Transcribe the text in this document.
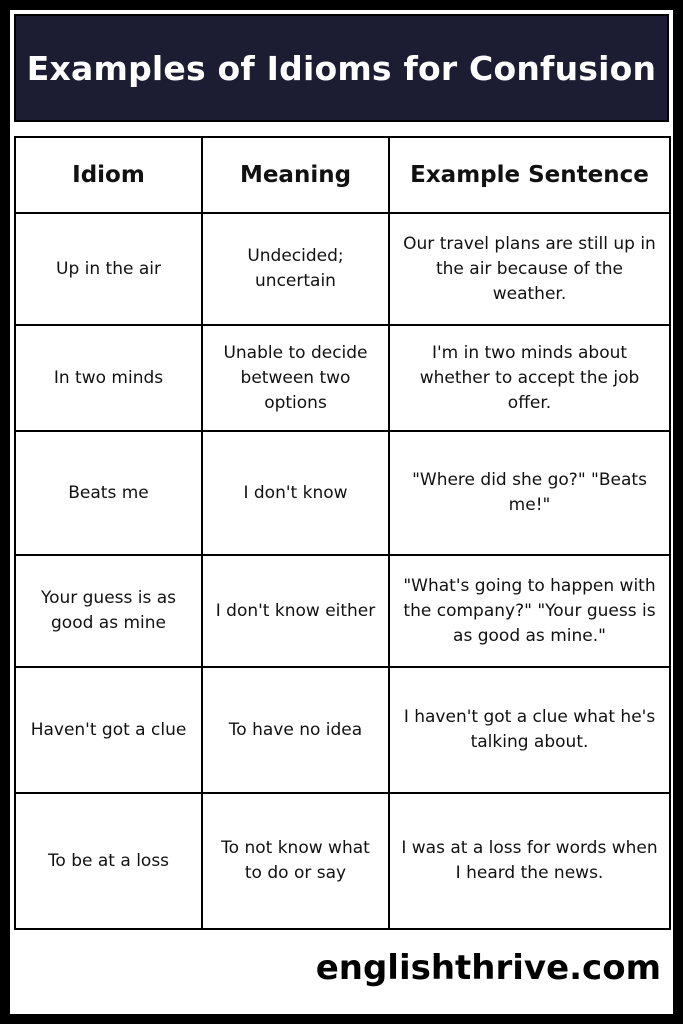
Examples of Idioms for Confusion
Idiom	Meaning	Example Sentence
Up in the air	Undecided; uncertain	Our travel plans are still up in the air because of the weather.
In two minds	Unable to decide between two options	I'm in two minds about whether to accept the job offer.
Beats me	I don't know	"Where did she go?" "Beats me!"
Your guess is as good as mine	I don't know either	"What's going to happen with the company?" "Your guess is as good as mine."
Haven't got a clue	To have no idea	I haven't got a clue what he's talking about.
To be at a loss	To not know what to do or say	I was at a loss for words when I heard the news.
englishthrive.com
